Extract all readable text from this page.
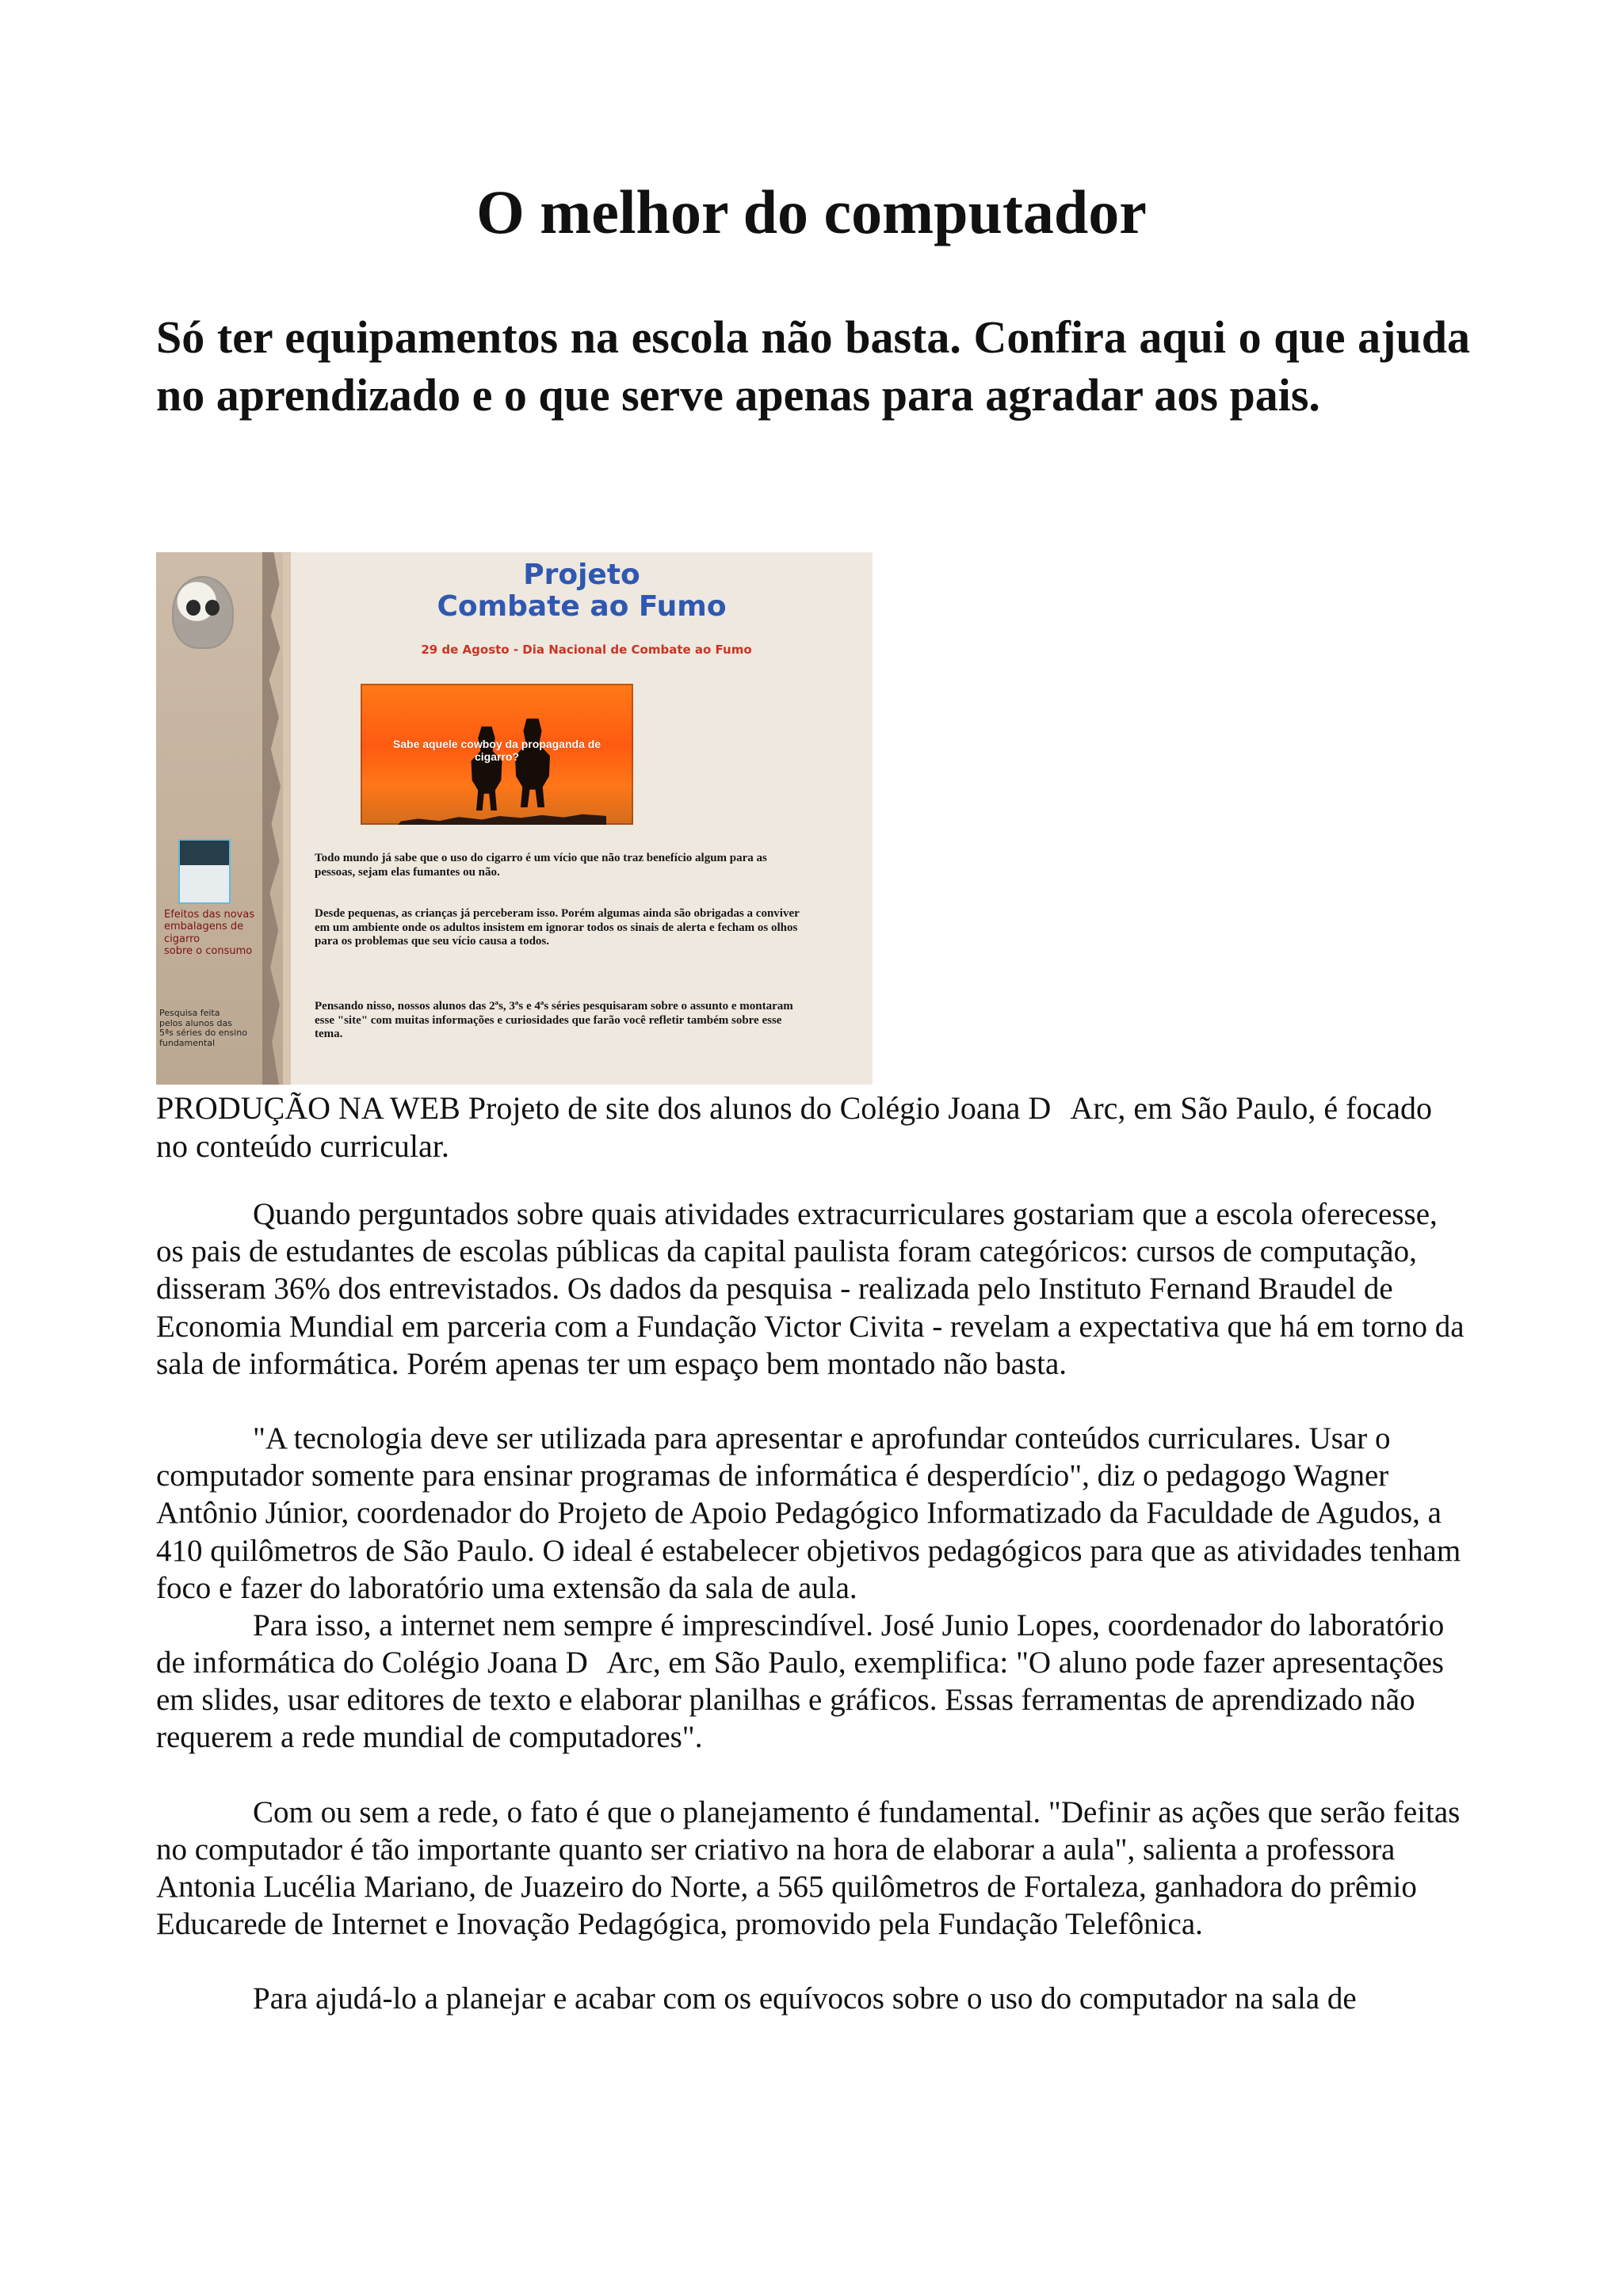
O melhor do computador
Só ter equipamentos na escola não basta. Confira aqui o que ajuda no aprendizado e o que serve apenas para agradar aos pais.
Efeitos das novas
embalagens de
cigarro
sobre o consumo
Pesquisa feita
pelos alunos das
5ªs séries do ensino
fundamental
Projeto
Combate ao Fumo
29 de Agosto - Dia Nacional de Combate ao Fumo
Sabe aquele cowboy da propaganda de cigarro?
Todo mundo já sabe que o uso do cigarro é um vício que não traz benefício algum para as pessoas, sejam elas fumantes ou não.
Desde pequenas, as crianças já perceberam isso. Porém algumas ainda são obrigadas a conviver em um ambiente onde os adultos insistem em ignorar todos os sinais de alerta e fecham os olhos para os problemas que seu vício causa a todos.
Pensando nisso, nossos alunos das 2ªs, 3ªs e 4ªs séries pesquisaram sobre o assunto e montaram esse "site" com muitas informações e curiosidades que farão você refletir também sobre esse tema.

PRODUÇÃO NA WEB Projeto de site dos alunos do Colégio Joana DArc, em São Paulo, é focado no conteúdo curricular.

Quando perguntados sobre quais atividades extracurriculares gostariam que a escola oferecesse, os pais de estudantes de escolas públicas da capital paulista foram categóricos: cursos de computação, disseram 36% dos entrevistados. Os dados da pesquisa - realizada pelo Instituto Fernand Braudel de Economia Mundial em parceria com a Fundação Victor Civita - revelam a expectativa que há em torno da sala de informática. Porém apenas ter um espaço bem montado não basta.

"A tecnologia deve ser utilizada para apresentar e aprofundar conteúdos curriculares. Usar o computador somente para ensinar programas de informática é desperdício", diz o pedagogo Wagner Antônio Júnior, coordenador do Projeto de Apoio Pedagógico Informatizado da Faculdade de Agudos, a 410 quilômetros de São Paulo. O ideal é estabelecer objetivos pedagógicos para que as atividades tenham foco e fazer do laboratório uma extensão da sala de aula.

Para isso, a internet nem sempre é imprescindível. José Junio Lopes, coordenador do laboratório de informática do Colégio Joana DArc, em São Paulo, exemplifica: "O aluno pode fazer apresentações em slides, usar editores de texto e elaborar planilhas e gráficos. Essas ferramentas de aprendizado não requerem a rede mundial de computadores".

Com ou sem a rede, o fato é que o planejamento é fundamental. "Definir as ações que serão feitas no computador é tão importante quanto ser criativo na hora de elaborar a aula", salienta a professora Antonia Lucélia Mariano, de Juazeiro do Norte, a 565 quilômetros de Fortaleza, ganhadora do prêmio Educarede de Internet e Inovação Pedagógica, promovido pela Fundação Telefônica.

Para ajudá-lo a planejar e acabar com os equívocos sobre o uso do computador na sala de
